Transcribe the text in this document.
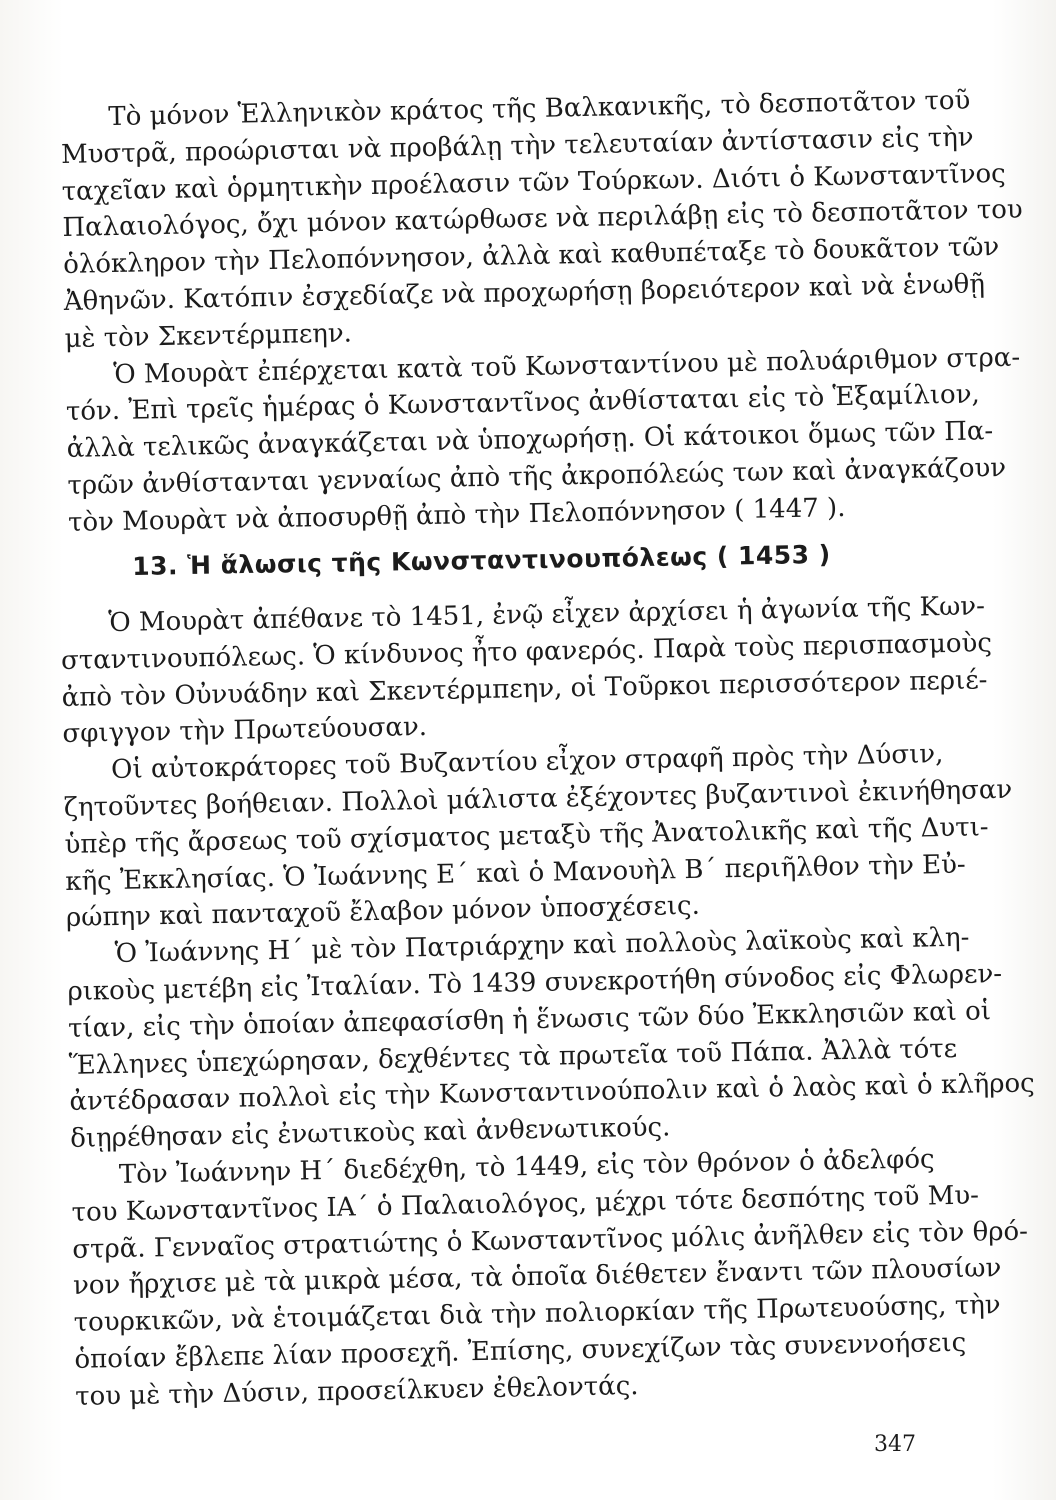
Τὸ μόνον Ἑλληνικὸν κράτος τῆς Βαλκανικῆς, τὸ δεσποτᾶτον τοῦ
Μυστρᾶ, προώρισται νὰ προβάλῃ τὴν τελευταίαν ἀντίστασιν εἰς τὴν
ταχεῖαν καὶ ὁρμητικὴν προέλασιν τῶν Τούρκων. Διότι ὁ Κωνσταντῖνος
Παλαιολόγος, ὄχι μόνον κατώρθωσε νὰ περιλάβῃ εἰς τὸ δεσποτᾶτον του
ὁλόκληρον τὴν Πελοπόννησον, ἀλλὰ καὶ καθυπέταξε τὸ δουκᾶτον τῶν
Ἀθηνῶν. Κατόπιν ἐσχεδίαζε νὰ προχωρήσῃ βορειότερον καὶ νὰ ἑνωθῇ
μὲ τὸν Σκεντέρμπεην.
Ὁ Μουρὰτ ἐπέρχεται κατὰ τοῦ Κωνσταντίνου μὲ πολυάριθμον στρα-
τόν. Ἐπὶ τρεῖς ἡμέρας ὁ Κωνσταντῖνος ἀνθίσταται εἰς τὸ Ἑξαμίλιον,
ἀλλὰ τελικῶς ἀναγκάζεται νὰ ὑποχωρήσῃ. Οἱ κάτοικοι ὅμως τῶν Πα-
τρῶν ἀνθίστανται γενναίως ἀπὸ τῆς ἀκροπόλεώς των καὶ ἀναγκάζουν
τὸν Μουρὰτ νὰ ἀποσυρθῇ ἀπὸ τὴν Πελοπόννησον ( 1447 ).
13. Ἡ ἅλωσις τῆς Κωνσταντινουπόλεως ( 1453 )
Ὁ Μουρὰτ ἀπέθανε τὸ 1451, ἐνῷ εἶχεν ἀρχίσει ἡ ἀγωνία τῆς Κων-
σταντινουπόλεως. Ὁ κίνδυνος ἦτο φανερός. Παρὰ τοὺς περισπασμοὺς
ἀπὸ τὸν Οὐνυάδην καὶ Σκεντέρμπεην, οἱ Τοῦρκοι περισσότερον περιέ-
σφιγγον τὴν Πρωτεύουσαν.
Οἱ αὐτοκράτορες τοῦ Βυζαντίου εἶχον στραφῆ πρὸς τὴν Δύσιν,
ζητοῦντες βοήθειαν. Πολλοὶ μάλιστα ἐξέχοντες βυζαντινοὶ ἐκινήθησαν
ὑπὲρ τῆς ἄρσεως τοῦ σχίσματος μεταξὺ τῆς Ἀνατολικῆς καὶ τῆς Δυτι-
κῆς Ἐκκλησίας. Ὁ Ἰωάννης Ε΄ καὶ ὁ Μανουὴλ Β΄ περιῆλθον τὴν Εὐ-
ρώπην καὶ πανταχοῦ ἔλαβον μόνον ὑποσχέσεις.
Ὁ Ἰωάννης Η΄ μὲ τὸν Πατριάρχην καὶ πολλοὺς λαϊκοὺς καὶ κλη-
ρικοὺς μετέβη εἰς Ἰταλίαν. Τὸ 1439 συνεκροτήθη σύνοδος εἰς Φλωρεν-
τίαν, εἰς τὴν ὁποίαν ἀπεφασίσθη ἡ ἕνωσις τῶν δύο Ἐκκλησιῶν καὶ οἱ
Ἕλληνες ὑπεχώρησαν, δεχθέντες τὰ πρωτεῖα τοῦ Πάπα. Ἀλλὰ τότε
ἀντέδρασαν πολλοὶ εἰς τὴν Κωνσταντινούπολιν καὶ ὁ λαὸς καὶ ὁ κλῆρος
διῃρέθησαν εἰς ἐνωτικοὺς καὶ ἀνθενωτικούς.
Τὸν Ἰωάννην Η΄ διεδέχθη, τὸ 1449, εἰς τὸν θρόνον ὁ ἀδελφός
του Κωνσταντῖνος ΙΑ΄ ὁ Παλαιολόγος, μέχρι τότε δεσπότης τοῦ Μυ-
στρᾶ. Γενναῖος στρατιώτης ὁ Κωνσταντῖνος μόλις ἀνῆλθεν εἰς τὸν θρό-
νον ἤρχισε μὲ τὰ μικρὰ μέσα, τὰ ὁποῖα διέθετεν ἔναντι τῶν πλουσίων
τουρκικῶν, νὰ ἑτοιμάζεται διὰ τὴν πολιορκίαν τῆς Πρωτευούσης, τὴν
ὁποίαν ἔβλεπε λίαν προσεχῆ. Ἐπίσης, συνεχίζων τὰς συνεννοήσεις
του μὲ τὴν Δύσιν, προσείλκυεν ἐθελοντάς.
347
